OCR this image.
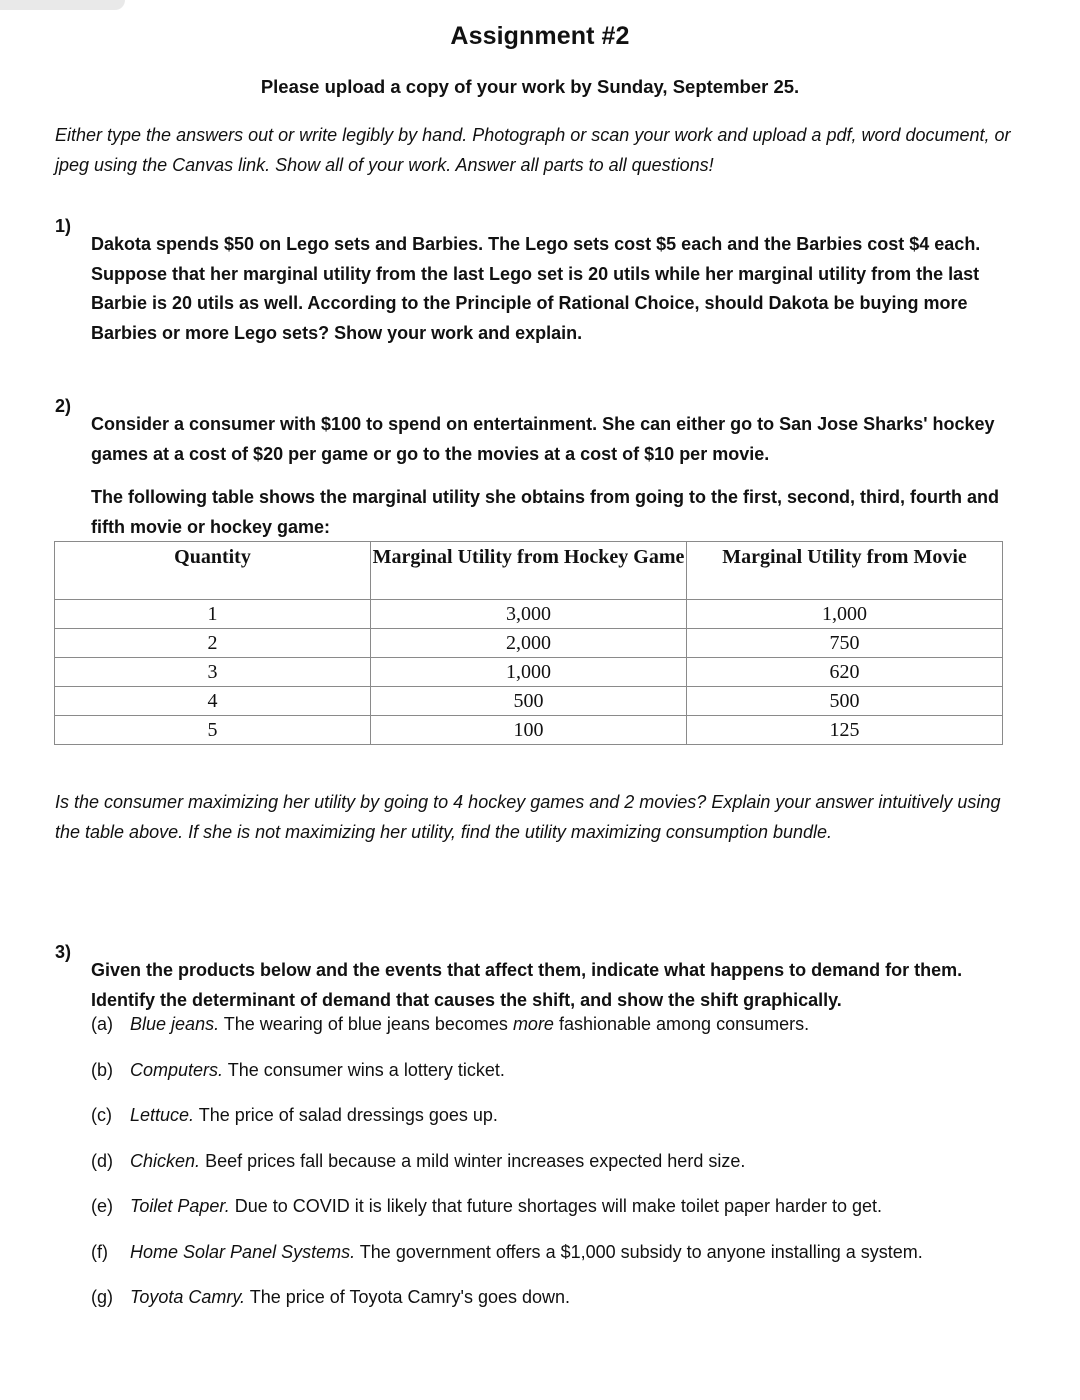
Assignment #2

Please upload a copy of your work by Sunday, September 25.

Either type the answers out or write legibly by hand. Photograph or scan your work and upload a pdf, word document, or jpeg using the Canvas link. Show all of your work. Answer all parts to all questions!

1)

Dakota spends $50 on Lego sets and Barbies. The Lego sets cost $5 each and the Barbies cost $4 each. Suppose that her marginal utility from the last Lego set is 20 utils while her marginal utility from the last Barbie is 20 utils as well. According to the Principle of Rational Choice, should Dakota be buying more Barbies or more Lego sets? Show your work and explain.

2)

Consider a consumer with $100 to spend on entertainment. She can either go to San Jose Sharks' hockey games at a cost of $20 per game or go to the movies at a cost of $10 per movie.

The following table shows the marginal utility she obtains from going to the first, second, third, fourth and fifth movie or hockey game:

Quantity	Marginal Utility from Hockey Game	Marginal Utility from Movie
1	3,000	1,000
2	2,000	750
3	1,000	620
4	500	500
5	100	125

Is the consumer maximizing her utility by going to 4 hockey games and 2 movies? Explain your answer intuitively using the table above. If she is not maximizing her utility, find the utility maximizing consumption bundle.

3)

Given the products below and the events that affect them, indicate what happens to demand for them. Identify the determinant of demand that causes the shift, and show the shift graphically.

(a) Blue jeans. The wearing of blue jeans becomes more fashionable among consumers.
(b) Computers. The consumer wins a lottery ticket.
(c) Lettuce. The price of salad dressings goes up.
(d) Chicken. Beef prices fall because a mild winter increases expected herd size.
(e) Toilet Paper. Due to COVID it is likely that future shortages will make toilet paper harder to get.
(f) Home Solar Panel Systems. The government offers a $1,000 subsidy to anyone installing a system.
(g) Toyota Camry. The price of Toyota Camry's goes down.
